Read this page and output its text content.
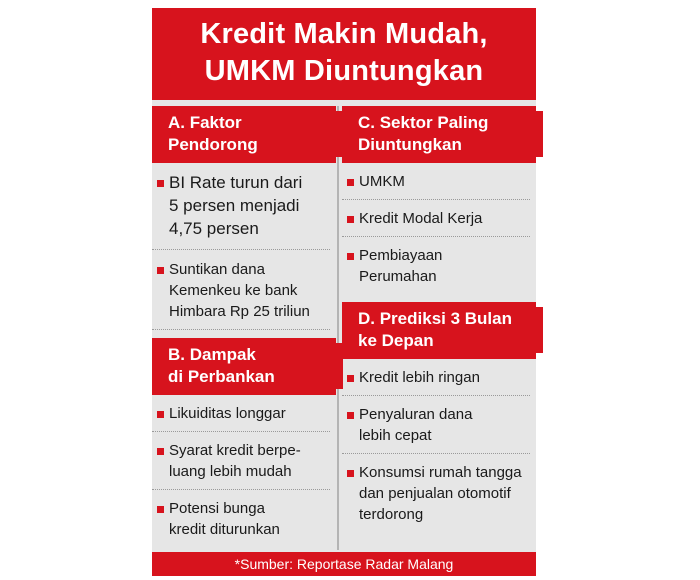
Kredit Makin Mudah,
UMKM Diuntungkan
A. Faktor
Pendorong
BI Rate turun dari
5 persen menjadi
4,75 persen
Suntikan dana
Kemenkeu ke bank
Himbara Rp 25 triliun
B. Dampak
di Perbankan
Likuiditas longgar
Syarat kredit berpe-
luang lebih mudah
Potensi bunga
kredit diturunkan
C. Sektor Paling
Diuntungkan
UMKM
Kredit Modal Kerja
Pembiayaan
Perumahan
D. Prediksi 3 Bulan
ke Depan
Kredit lebih ringan
Penyaluran dana
lebih cepat
Konsumsi rumah tangga
dan penjualan otomotif
terdorong
*Sumber: Reportase Radar Malang
